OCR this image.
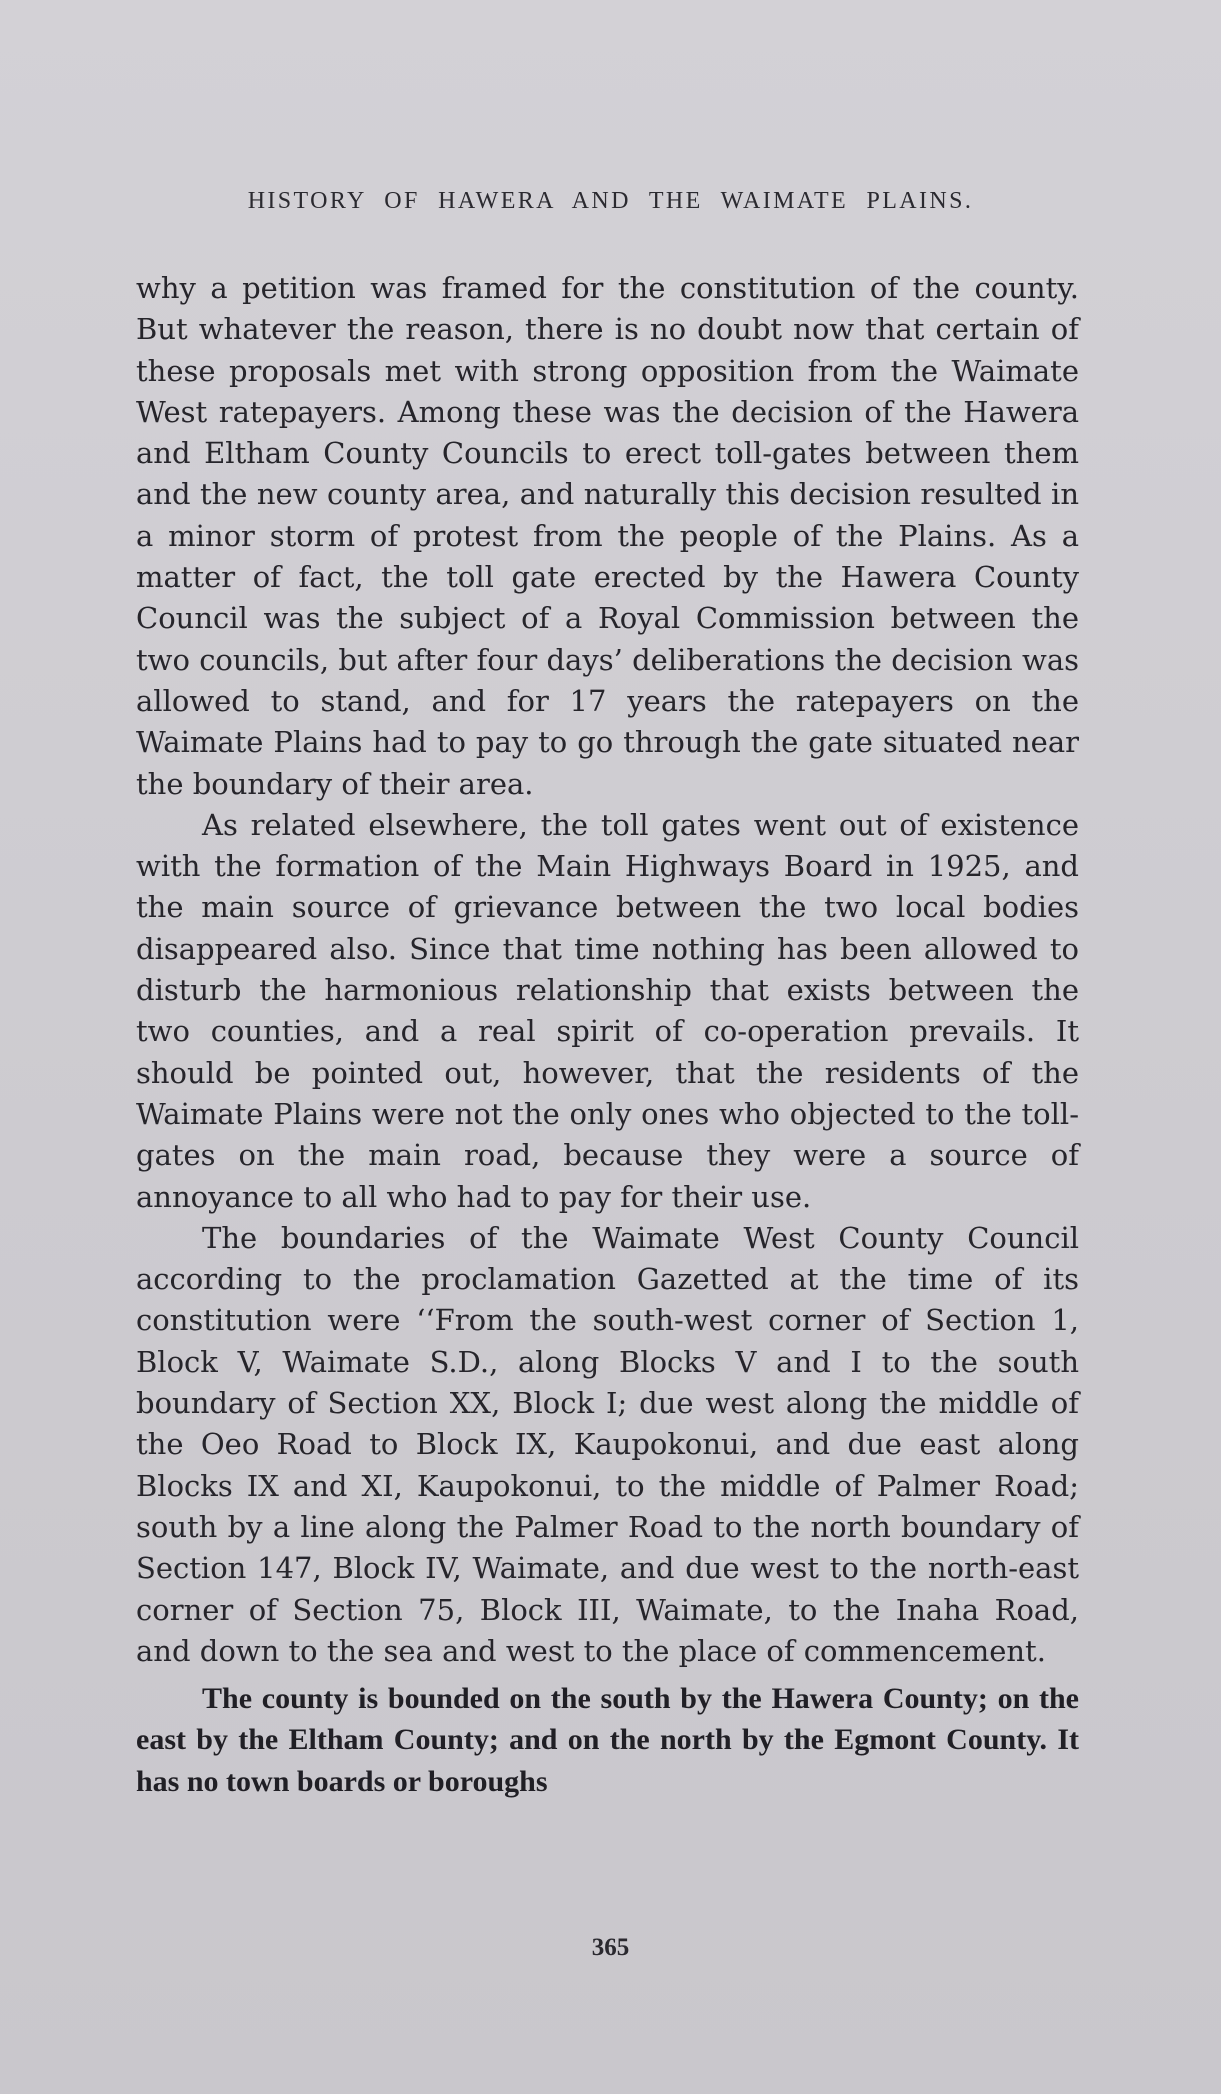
HISTORY OF HAWERA AND THE WAIMATE PLAINS.

why a petition was framed for the constitution of the county. But whatever the reason, there is no doubt now that certain of these proposals met with strong opposition from the Waimate West ratepayers. Among these was the decision of the Hawera and Eltham County Councils to erect toll-gates between them and the new county area, and naturally this decision resulted in a minor storm of protest from the people of the Plains. As a matter of fact, the toll gate erected by the Hawera County Council was the subject of a Royal Commission between the two councils, but after four days’ deliberations the decision was allowed to stand, and for 17 years the ratepayers on the Waimate Plains had to pay to go through the gate situated near the boundary of their area.

As related elsewhere, the toll gates went out of existence with the formation of the Main Highways Board in 1925, and the main source of grievance between the two local bodies disappeared also. Since that time nothing has been allowed to disturb the harmonious relationship that exists between the two counties, and a real spirit of co-operation prevails. It should be pointed out, however, that the residents of the Waimate Plains were not the only ones who objected to the toll-gates on the main road, because they were a source of annoyance to all who had to pay for their use.

The boundaries of the Waimate West County Council according to the proclamation Gazetted at the time of its constitution were ‘‘From the south-west corner of Section 1, Block V, Waimate S.D., along Blocks V and I to the south boundary of Section XX, Block I; due west along the middle of the Oeo Road to Block IX, Kaupokonui, and due east along Blocks IX and XI, Kaupokonui, to the middle of Palmer Road; south by a line along the Palmer Road to the north boundary of Section 147, Block IV, Waimate, and due west to the north-east corner of Section 75, Block III, Waimate, to the Inaha Road, and down to the sea and west to the place of commencement.

The county is bounded on the south by the Hawera County; on the east by the Eltham County; and on the north by the Egmont County. It has no town boards or boroughs

365
